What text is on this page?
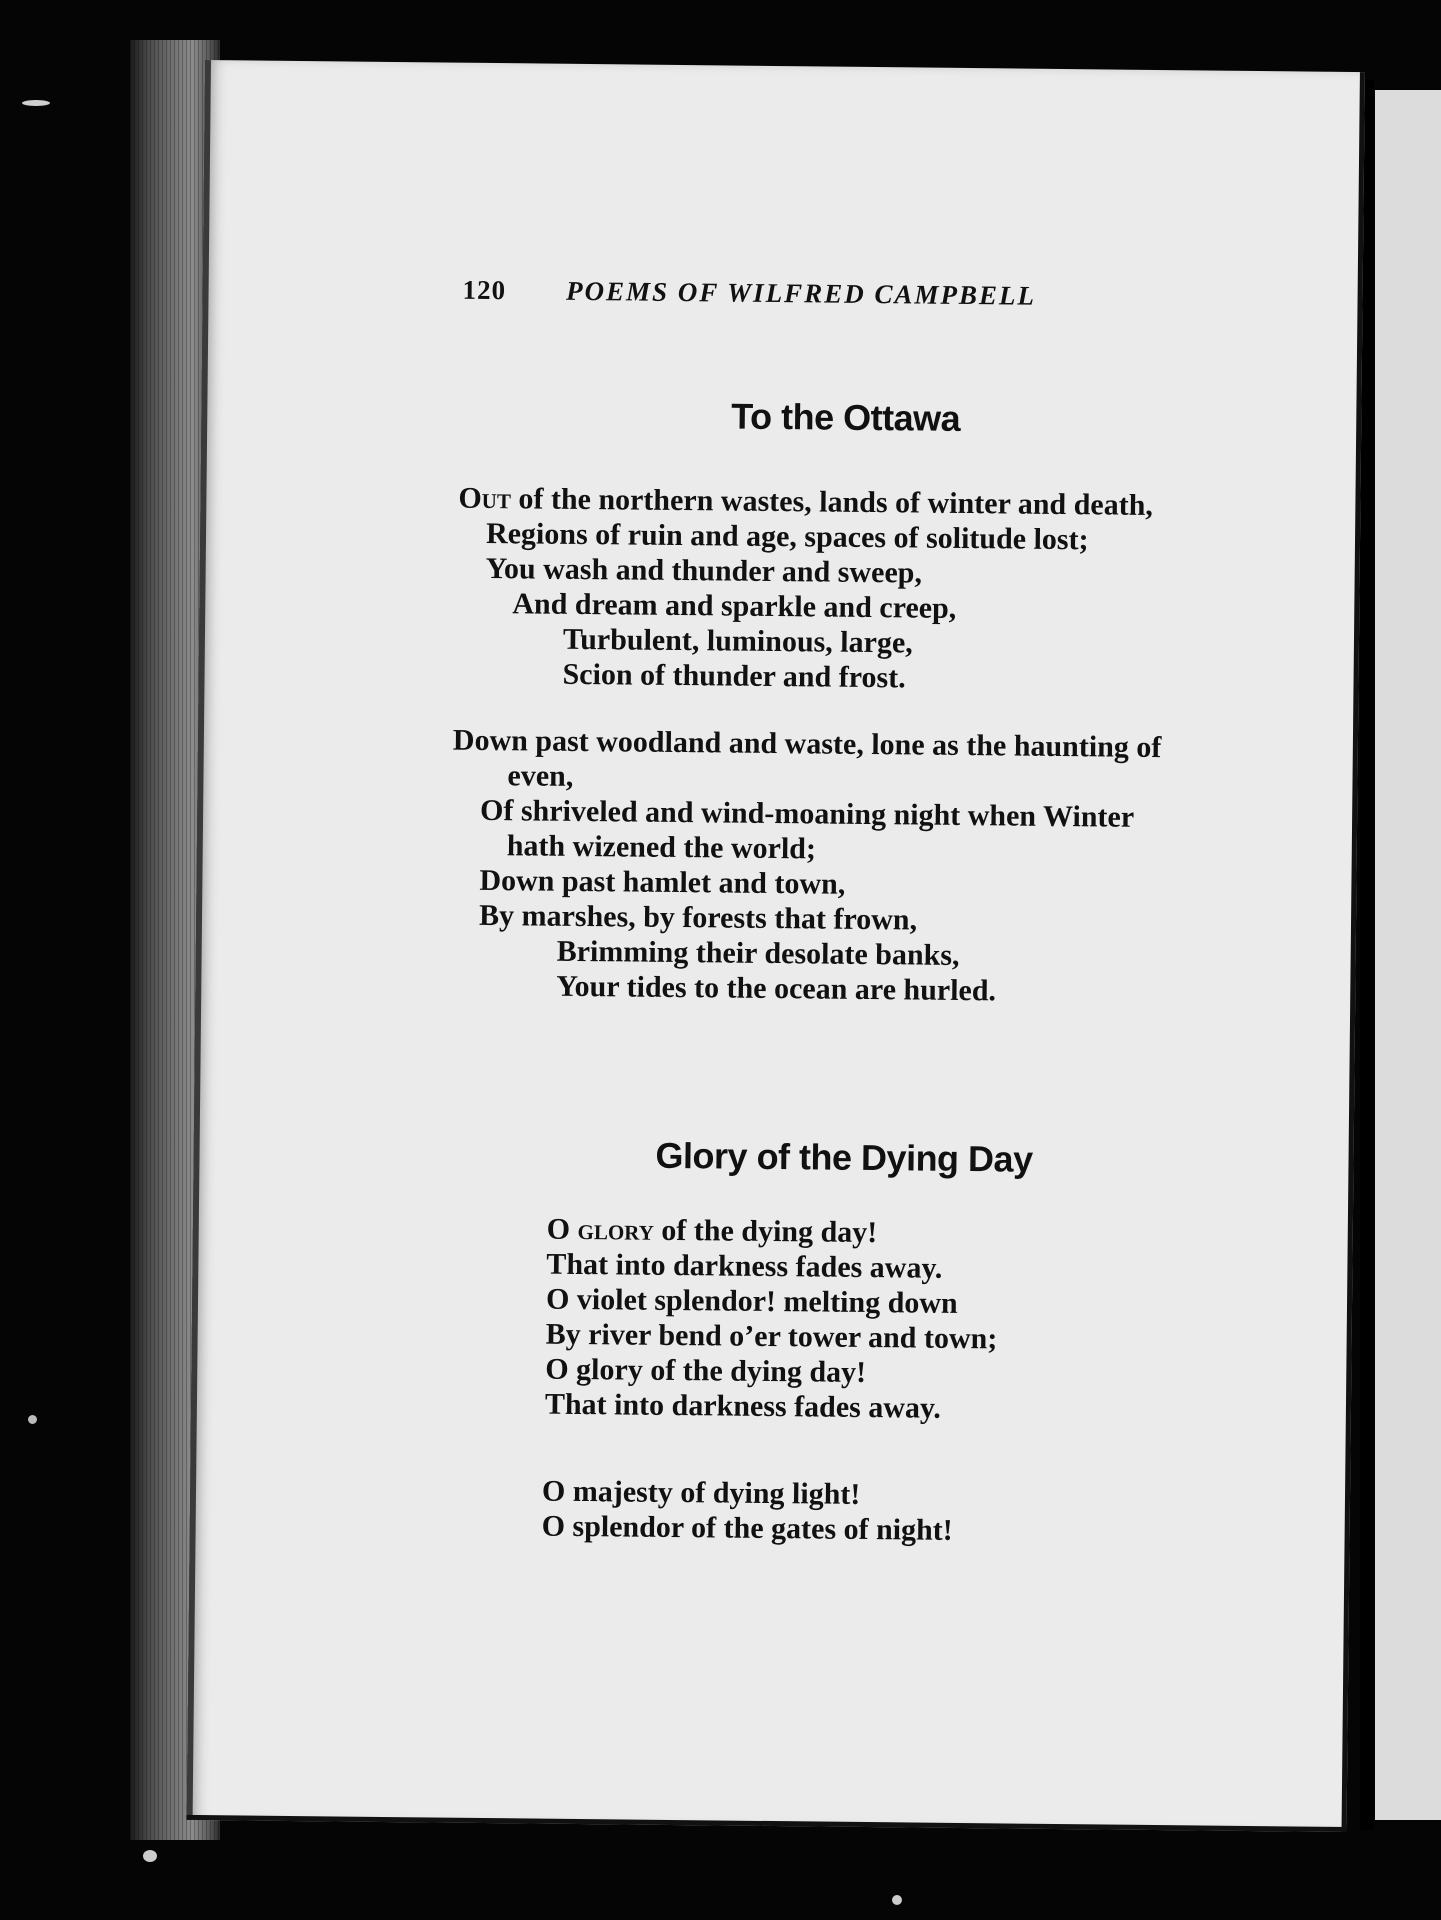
120 POEMS OF WILFRED CAMPBELL
To the Ottawa
Out of the northern wastes, lands of winter and death,
Regions of ruin and age, spaces of solitude lost;
You wash and thunder and sweep,
And dream and sparkle and creep,
Turbulent, luminous, large,
Scion of thunder and frost.
Down past woodland and waste, lone as the haunting of
even,
Of shriveled and wind-moaning night when Winter
hath wizened the world;
Down past hamlet and town,
By marshes, by forests that frown,
Brimming their desolate banks,
Your tides to the ocean are hurled.
Glory of the Dying Day
O glory of the dying day!
That into darkness fades away.
O violet splendor! melting down
By river bend o’er tower and town;
O glory of the dying day!
That into darkness fades away.
O majesty of dying light!
O splendor of the gates of night!
